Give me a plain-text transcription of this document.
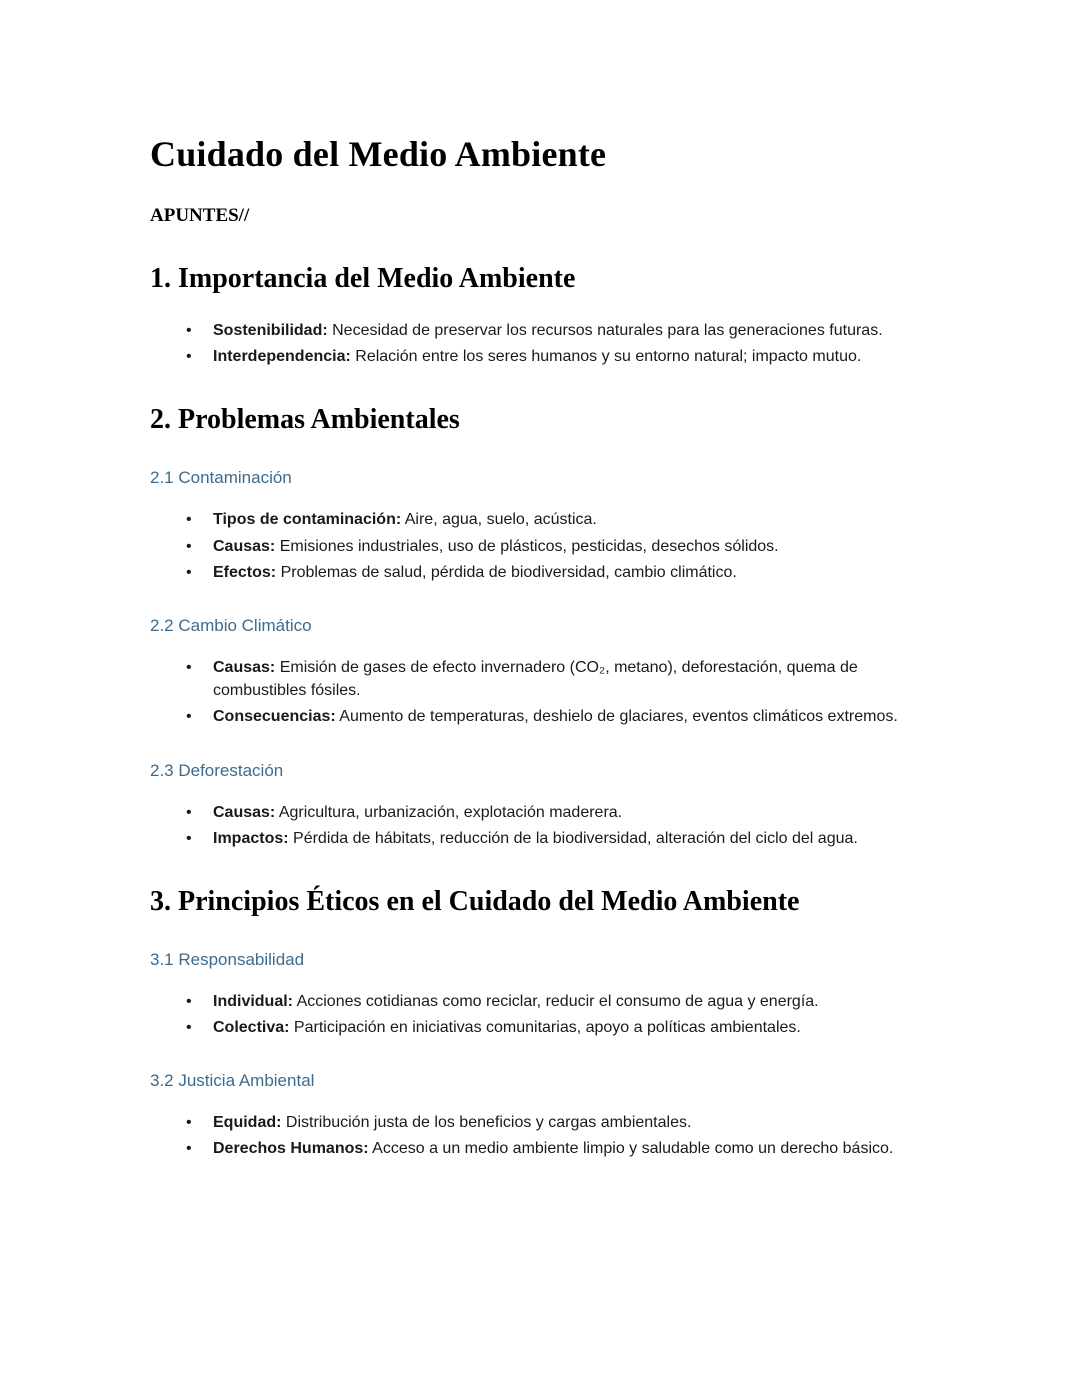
Cuidado del Medio Ambiente

APUNTES//

1. Importancia del Medio Ambiente
• Sostenibilidad: Necesidad de preservar los recursos naturales para las generaciones futuras.
• Interdependencia: Relación entre los seres humanos y su entorno natural; impacto mutuo.
2. Problemas Ambientales
2.1 Contaminación
• Tipos de contaminación: Aire, agua, suelo, acústica.
• Causas: Emisiones industriales, uso de plásticos, pesticidas, desechos sólidos.
• Efectos: Problemas de salud, pérdida de biodiversidad, cambio climático.
2.2 Cambio Climático
• Causas: Emisión de gases de efecto invernadero (CO₂, metano), deforestación, quema de combustibles fósiles.
• Consecuencias: Aumento de temperaturas, deshielo de glaciares, eventos climáticos extremos.
2.3 Deforestación
• Causas: Agricultura, urbanización, explotación maderera.
• Impactos: Pérdida de hábitats, reducción de la biodiversidad, alteración del ciclo del agua.
3. Principios Éticos en el Cuidado del Medio Ambiente
3.1 Responsabilidad
• Individual: Acciones cotidianas como reciclar, reducir el consumo de agua y energía.
• Colectiva: Participación en iniciativas comunitarias, apoyo a políticas ambientales.
3.2 Justicia Ambiental
• Equidad: Distribución justa de los beneficios y cargas ambientales.
• Derechos Humanos: Acceso a un medio ambiente limpio y saludable como un derecho básico.
